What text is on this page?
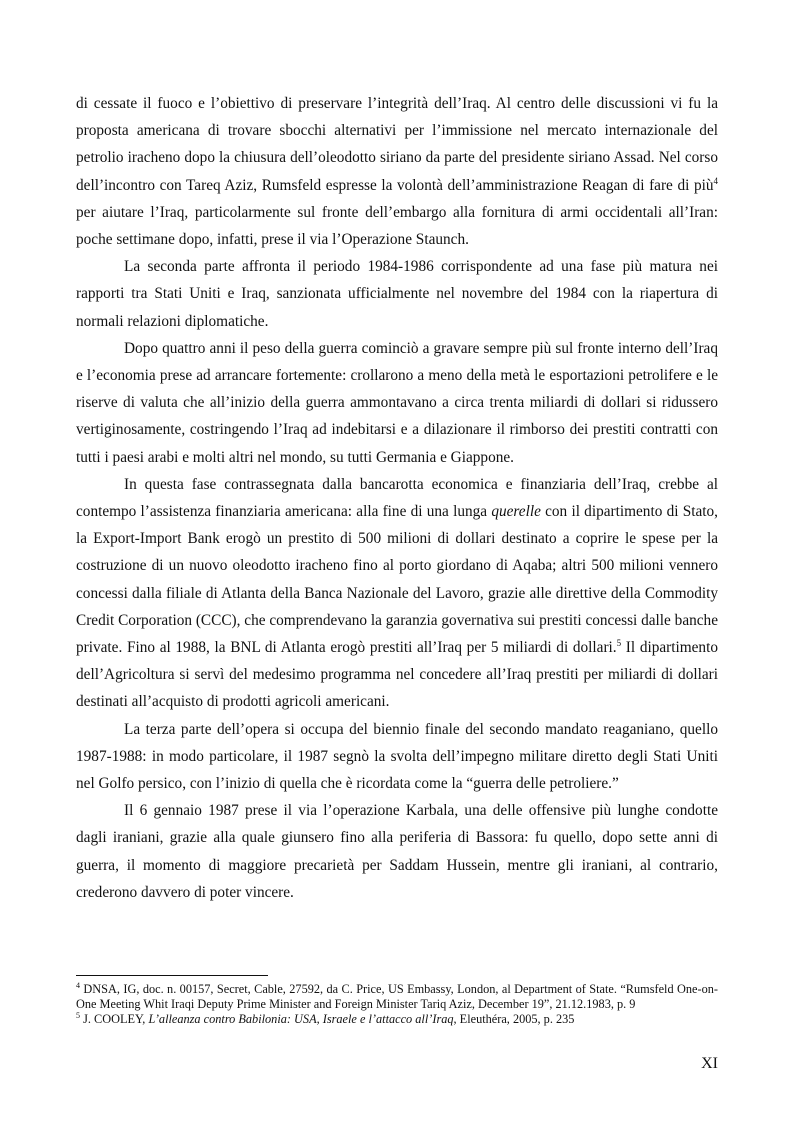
di cessate il fuoco e l’obiettivo di preservare l’integrità dell’Iraq. Al centro delle discussioni vi fu la proposta americana di trovare sbocchi alternativi per l’immissione nel mercato internazionale del petrolio iracheno dopo la chiusura dell’oleodotto siriano da parte del presidente siriano Assad. Nel corso dell’incontro con Tareq Aziz, Rumsfeld espresse la volontà dell’amministrazione Reagan di fare di più$^4$ per aiutare l’Iraq, particolarmente sul fronte dell’embargo alla fornitura di armi occidentali all’Iran: poche settimane dopo, infatti, prese il via l’Operazione Staunch.

La seconda parte affronta il periodo 1984-1986 corrispondente ad una fase più matura nei rapporti tra Stati Uniti e Iraq, sanzionata ufficialmente nel novembre del 1984 con la riapertura di normali relazioni diplomatiche.

Dopo quattro anni il peso della guerra cominciò a gravare sempre più sul fronte interno dell’Iraq e l’economia prese ad arrancare fortemente: crollarono a meno della metà le esportazioni petrolifere e le riserve di valuta che all’inizio della guerra ammontavano a circa trenta miliardi di dollari si ridussero vertiginosamente, costringendo l’Iraq ad indebitarsi e a dilazionare il rimborso dei prestiti contratti con tutti i paesi arabi e molti altri nel mondo, su tutti Germania e Giappone.

In questa fase contrassegnata dalla bancarotta economica e finanziaria dell’Iraq, crebbe al contempo l’assistenza finanziaria americana: alla fine di una lunga querelle con il dipartimento di Stato, la Export-Import Bank erogò un prestito di 500 milioni di dollari destinato a coprire le spese per la costruzione di un nuovo oleodotto iracheno fino al porto giordano di Aqaba; altri 500 milioni vennero concessi dalla filiale di Atlanta della Banca Nazionale del Lavoro, grazie alle direttive della Commodity Credit Corporation (CCC), che comprendevano la garanzia governativa sui prestiti concessi dalle banche private. Fino al 1988, la BNL di Atlanta erogò prestiti all’Iraq per 5 miliardi di dollari.$^5$ Il dipartimento dell’Agricoltura si servì del medesimo programma nel concedere all’Iraq prestiti per miliardi di dollari destinati all’acquisto di prodotti agricoli americani.

La terza parte dell’opera si occupa del biennio finale del secondo mandato reaganiano, quello 1987-1988: in modo particolare, il 1987 segnò la svolta dell’impegno militare diretto degli Stati Uniti nel Golfo persico, con l’inizio di quella che è ricordata come la “guerra delle petroliere.”

Il 6 gennaio 1987 prese il via l’operazione Karbala, una delle offensive più lunghe condotte dagli iraniani, grazie alla quale giunsero fino alla periferia di Bassora: fu quello, dopo sette anni di guerra, il momento di maggiore precarietà per Saddam Hussein, mentre gli iraniani, al contrario, crederono davvero di poter vincere.

$^4$ DNSA, IG, doc. n. 00157, Secret, Cable, 27592, da C. Price, US Embassy, London, al Department of State. “Rumsfeld One-on-One Meeting Whit Iraqi Deputy Prime Minister and Foreign Minister Tariq Aziz, December 19”, 21.12.1983, p. 9

$^5$ J. COOLEY, L’alleanza contro Babilonia: USA, Israele e l’attacco all’Iraq, Eleuthéra, 2005, p. 235

XI
